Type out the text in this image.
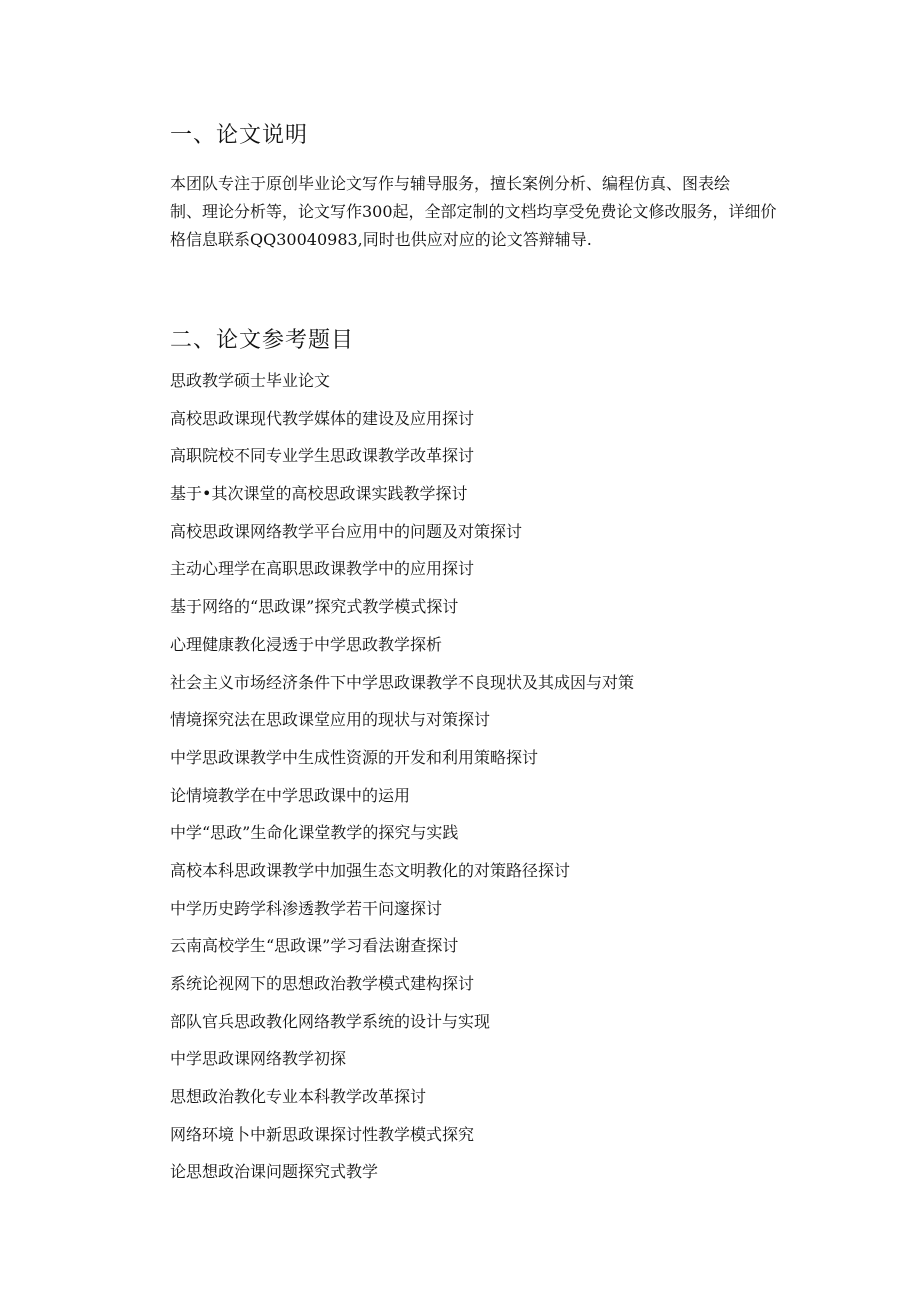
一、论文说明
本团队专注于原创毕业论文写作与辅导服务，擅长案例分析、编程仿真、图表绘
制、理论分析等，论文写作300起，全部定制的文档均享受免费论文修改服务，详细价
格信息联系QQ30040983,同时也供应对应的论文答辩辅导.
二、论文参考题目
思政教学硕士毕业论文
高校思政课现代教学媒体的建设及应用探讨
高职院校不同专业学生思政课教学改革探讨
基于•其次课堂的高校思政课实践教学探讨
高校思政课网络教学平台应用中的问题及对策探讨
主动心理学在高职思政课教学中的应用探讨
基于网络的“思政课”探究式教学模式探讨
心理健康教化浸透于中学思政教学探析
社会主义市场经济条件下中学思政课教学不良现状及其成因与对策
情境探究法在思政课堂应用的现状与对策探讨
中学思政课教学中生成性资源的开发和利用策略探讨
论情境教学在中学思政课中的运用
中学“思政”生命化课堂教学的探究与实践
高校本科思政课教学中加强生态文明教化的对策路径探讨
中学历史跨学科渗透教学若干问邃探讨
云南高校学生“思政课”学习看法谢查探讨
系统论视网下的思想政治教学模式建构探讨
部队官兵思政教化网络教学系统的设计与实现
中学思政课网络教学初探
思想政治教化专业本科教学改革探讨
网络环境卜中新思政课探讨性教学模式探究
论思想政治课问题探究式教学
